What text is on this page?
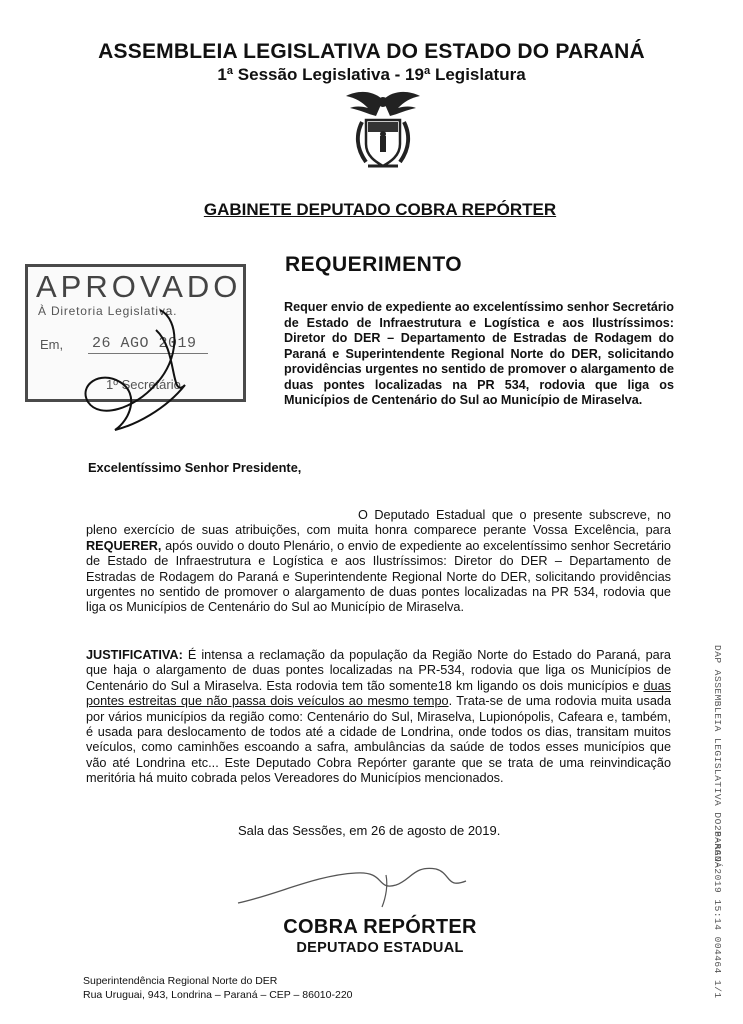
ASSEMBLEIA LEGISLATIVA DO ESTADO DO PARANÁ
1ª Sessão Legislativa - 19ª Legislatura
GABINETE DEPUTADO COBRA REPÓRTER
APROVADO
À Diretoria Legislativa.
Em, 26 AGO 2019
1º Secretário
REQUERIMENTO
Requer envio de expediente ao excelentíssimo senhor Secretário de Estado de Infraestrutura e Logística e aos Ilustríssimos: Diretor do DER – Departamento de Estradas de Rodagem do Paraná e Superintendente Regional Norte do DER, solicitando providências urgentes no sentido de promover o alargamento de duas pontes localizadas na PR 534, rodovia que liga os Municípios de Centenário do Sul ao Município de Miraselva.
Excelentíssimo Senhor Presidente,
O Deputado Estadual que o presente subscreve, no pleno exercício de suas atribuições, com muita honra comparece perante Vossa Excelência, para REQUERER, após ouvido o douto Plenário, o envio de expediente ao excelentíssimo senhor Secretário de Estado de Infraestrutura e Logística e aos Ilustríssimos: Diretor do DER – Departamento de Estradas de Rodagem do Paraná e Superintendente Regional Norte do DER, solicitando providências urgentes no sentido de promover o alargamento de duas pontes localizadas na PR 534, rodovia que liga os Municípios de Centenário do Sul ao Município de Miraselva.
JUSTIFICATIVA: É intensa a reclamação da população da Região Norte do Estado do Paraná, para que haja o alargamento de duas pontes localizadas na PR-534, rodovia que liga os Municípios de Centenário do Sul a Miraselva. Esta rodovia tem tão somente18 km ligando os dois municípios e duas pontes estreitas que não passa dois veículos ao mesmo tempo. Trata-se de uma rodovia muita usada por vários municípios da região como: Centenário do Sul, Miraselva, Lupionópolis, Cafeara e, também, é usada para deslocamento de todos até a cidade de Londrina, onde todos os dias, transitam muitos veículos, como caminhões escoando a safra, ambulâncias da saúde de todos esses municípios que vão até Londrina etc... Este Deputado Cobra Repórter garante que se trata de uma reinvindicação meritória há muito cobrada pelos Vereadores do Municípios mencionados.
Sala das Sessões, em 26 de agosto de 2019.
COBRA REPÓRTER
DEPUTADO ESTADUAL
Superintendência Regional Norte do DER
Rua Uruguai, 943, Londrina – Paraná – CEP – 86010-220
DAP ASSEMBLEIA LEGISLATIVA DO PARANÁ
26-AGO-2019 15:14 004464 1/1
